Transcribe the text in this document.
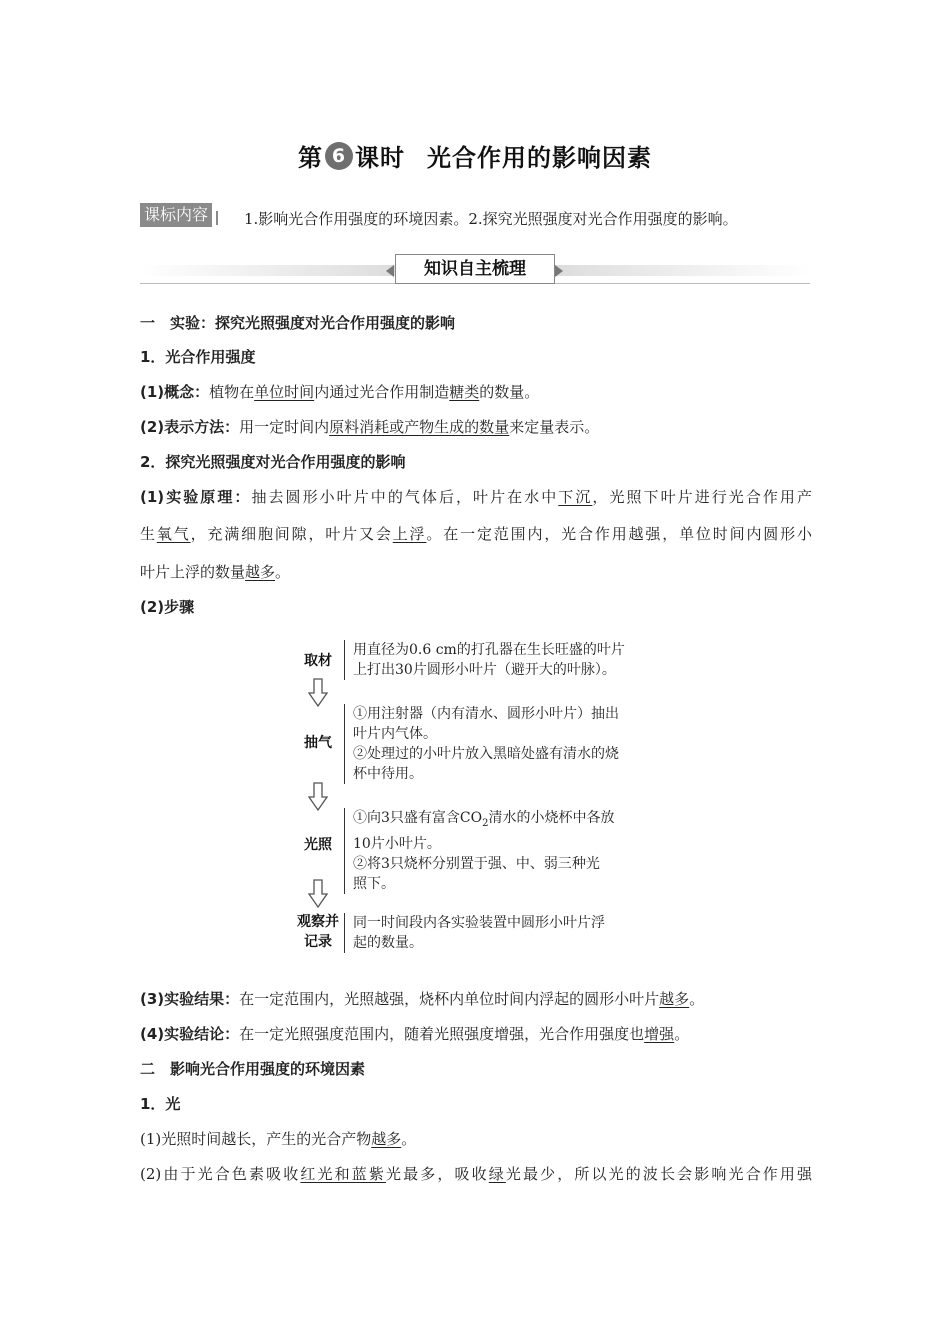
第 6 课时 光合作用的影响因素
课标内容 1.影响光合作用强度的环境因素。2.探究光照强度对光合作用强度的影响。
知识自主梳理
一　实验：探究光照强度对光合作用强度的影响
1．光合作用强度
(1)概念：植物在单位时间内通过光合作用制造糖类的数量。
(2)表示方法：用一定时间内原料消耗或产物生成的数量来定量表示。
2．探究光照强度对光合作用强度的影响
(1)实验原理：抽去圆形小叶片中的气体后，叶片在水中下沉，光照下叶片进行光合作用产
生氧气，充满细胞间隙，叶片又会上浮。在一定范围内，光合作用越强，单位时间内圆形小
叶片上浮的数量越多。
(2)步骤
取材
用直径为0.6 cm的打孔器在生长旺盛的叶片
上打出30片圆形小叶片（避开大的叶脉）。
抽气
①用注射器（内有清水、圆形小叶片）抽出
叶片内气体。
②处理过的小叶片放入黑暗处盛有清水的烧
杯中待用。
光照
①向3只盛有富含$CO_2$清水的小烧杯中各放
10片小叶片。
②将3只烧杯分别置于强、中、弱三种光
照下。
观察并
记录
同一时间段内各实验装置中圆形小叶片浮
起的数量。
(3)实验结果：在一定范围内，光照越强，烧杯内单位时间内浮起的圆形小叶片越多。
(4)实验结论：在一定光照强度范围内，随着光照强度增强，光合作用强度也增强。
二　影响光合作用强度的环境因素
1．光
(1)光照时间越长，产生的光合产物越多。
(2)由于光合色素吸收红光和蓝紫光最多，吸收绿光最少，所以光的波长会影响光合作用强
